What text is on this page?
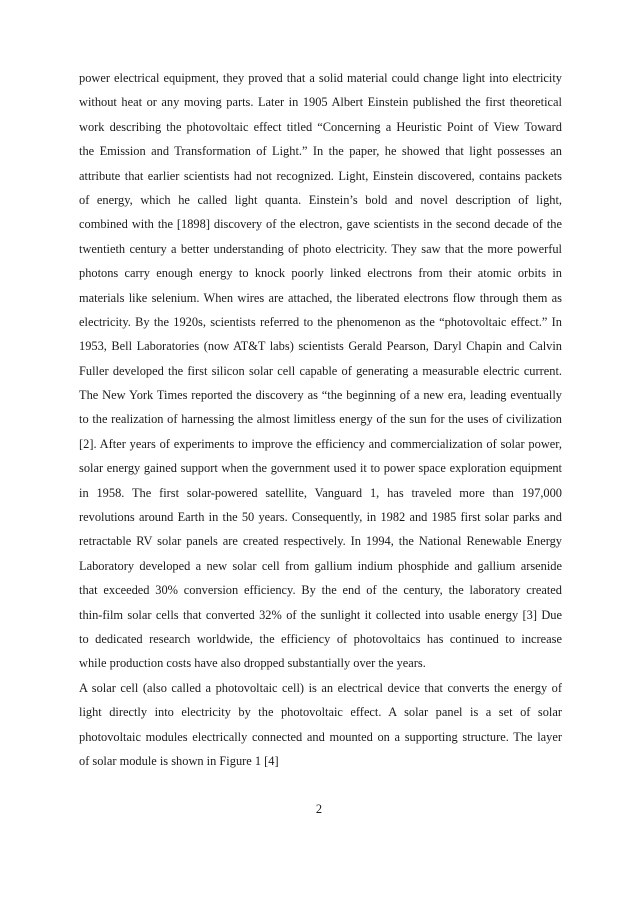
power electrical equipment, they proved that a solid material could change light into electricity

without heat or any moving parts. Later in 1905 Albert Einstein published the first theoretical

work describing the photovoltaic effect titled “Concerning a Heuristic Point of View Toward

the Emission and Transformation of Light.” In the paper, he showed that light possesses an

attribute that earlier scientists had not recognized. Light, Einstein discovered, contains packets

of energy, which he called light quanta. Einstein’s bold and novel description of light,

combined with the [1898] discovery of the electron, gave scientists in the second decade of the

twentieth century a better understanding of photo electricity. They saw that the more powerful

photons carry enough energy to knock poorly linked electrons from their atomic orbits in

materials like selenium. When wires are attached, the liberated electrons flow through them as

electricity. By the 1920s, scientists referred to the phenomenon as the “photovoltaic effect.” In

1953, Bell Laboratories (now AT&T labs) scientists Gerald Pearson, Daryl Chapin and Calvin

Fuller developed the first silicon solar cell capable of generating a measurable electric current.

The New York Times reported the discovery as “the beginning of a new era, leading eventually

to the realization of harnessing the almost limitless energy of the sun for the uses of civilization

[2]. After years of experiments to improve the efficiency and commercialization of solar power,

solar energy gained support when the government used it to power space exploration equipment

in 1958. The first solar-powered satellite, Vanguard 1, has traveled more than 197,000

revolutions around Earth in the 50 years. Consequently, in 1982 and 1985 first solar parks and

retractable RV solar panels are created respectively. In 1994, the National Renewable Energy

Laboratory developed a new solar cell from gallium indium phosphide and gallium arsenide

that exceeded 30% conversion efficiency. By the end of the century, the laboratory created

thin-film solar cells that converted 32% of the sunlight it collected into usable energy [3] Due

to dedicated research worldwide, the efficiency of photovoltaics has continued to increase

while production costs have also dropped substantially over the years.

A solar cell (also called a photovoltaic cell) is an electrical device that converts the energy of

light directly into electricity by the photovoltaic effect. A solar panel is a set of solar

photovoltaic modules electrically connected and mounted on a supporting structure. The layer

of solar module is shown in Figure 1 [4]

2
